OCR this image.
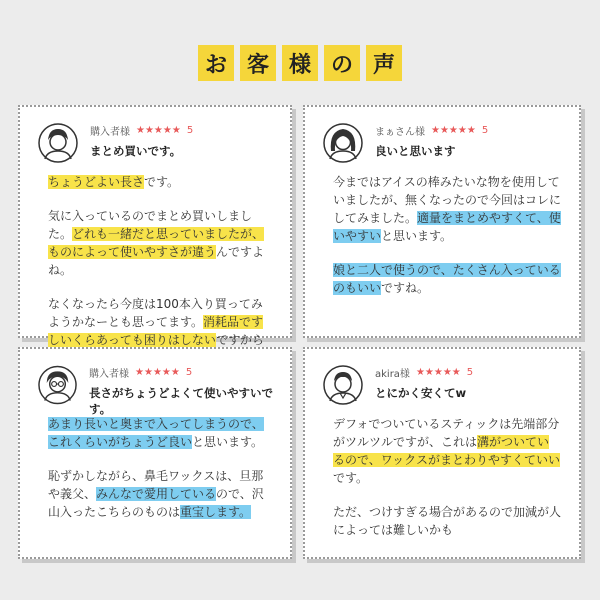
お 客 様 の 声
購入者様 ★★★★★ 5
まとめ買いです。

ちょうどよい長さです。

気に入っているのでまとめ買いしました。どれも一緒だと思っていましたが、ものによって使いやすさが違うんですよね。

なくなったら今度は100本入り買ってみようかなーとも思ってます。消耗品ですしいくらあっても困りはしないですから

まぁさん様 ★★★★★ 5
良いと思います

今まではアイスの棒みたいな物を使用していましたが、無くなったので今回はコレにしてみました。適量をまとめやすくて、使いやすいと思います。

娘と二人で使うので、たくさん入っているのもいいですね。

購入者様 ★★★★★ 5
長さがちょうどよくて使いやすいです。

あまり長いと奥まで入ってしまうので、これくらいがちょうど良いと思います。

恥ずかしながら、鼻毛ワックスは、旦那や義父、みんなで愛用しているので、沢山入ったこちらのものは重宝します。

akira様 ★★★★★ 5
とにかく安くてw

デフォでついているスティックは先端部分がツルツルですが、これは溝がついているので、ワックスがまとわりやすくていいです。

ただ、つけすぎる場合があるので加減が人によっては難しいかも
